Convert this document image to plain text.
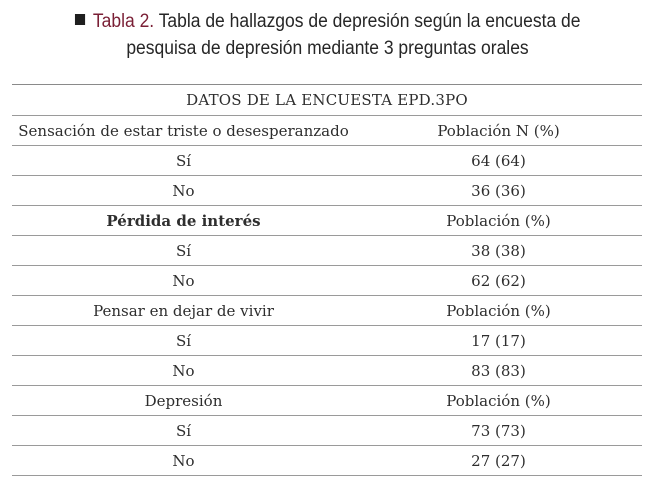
Tabla 2. Tabla de hallazgos de depresión según la encuesta de
pesquisa de depresión mediante 3 preguntas orales
DATOS DE LA ENCUESTA EPD.3PO	
Sensación de estar triste o desesperanzado	Población N (%)
Sí	64 (64)
No	36 (36)
Pérdida de interés	Población (%)
Sí	38 (38)
No	62 (62)
Pensar en dejar de vivir	Población (%)
Sí	17 (17)
No	83 (83)
Depresión	Población (%)
Sí	73 (73)
No	27 (27)
